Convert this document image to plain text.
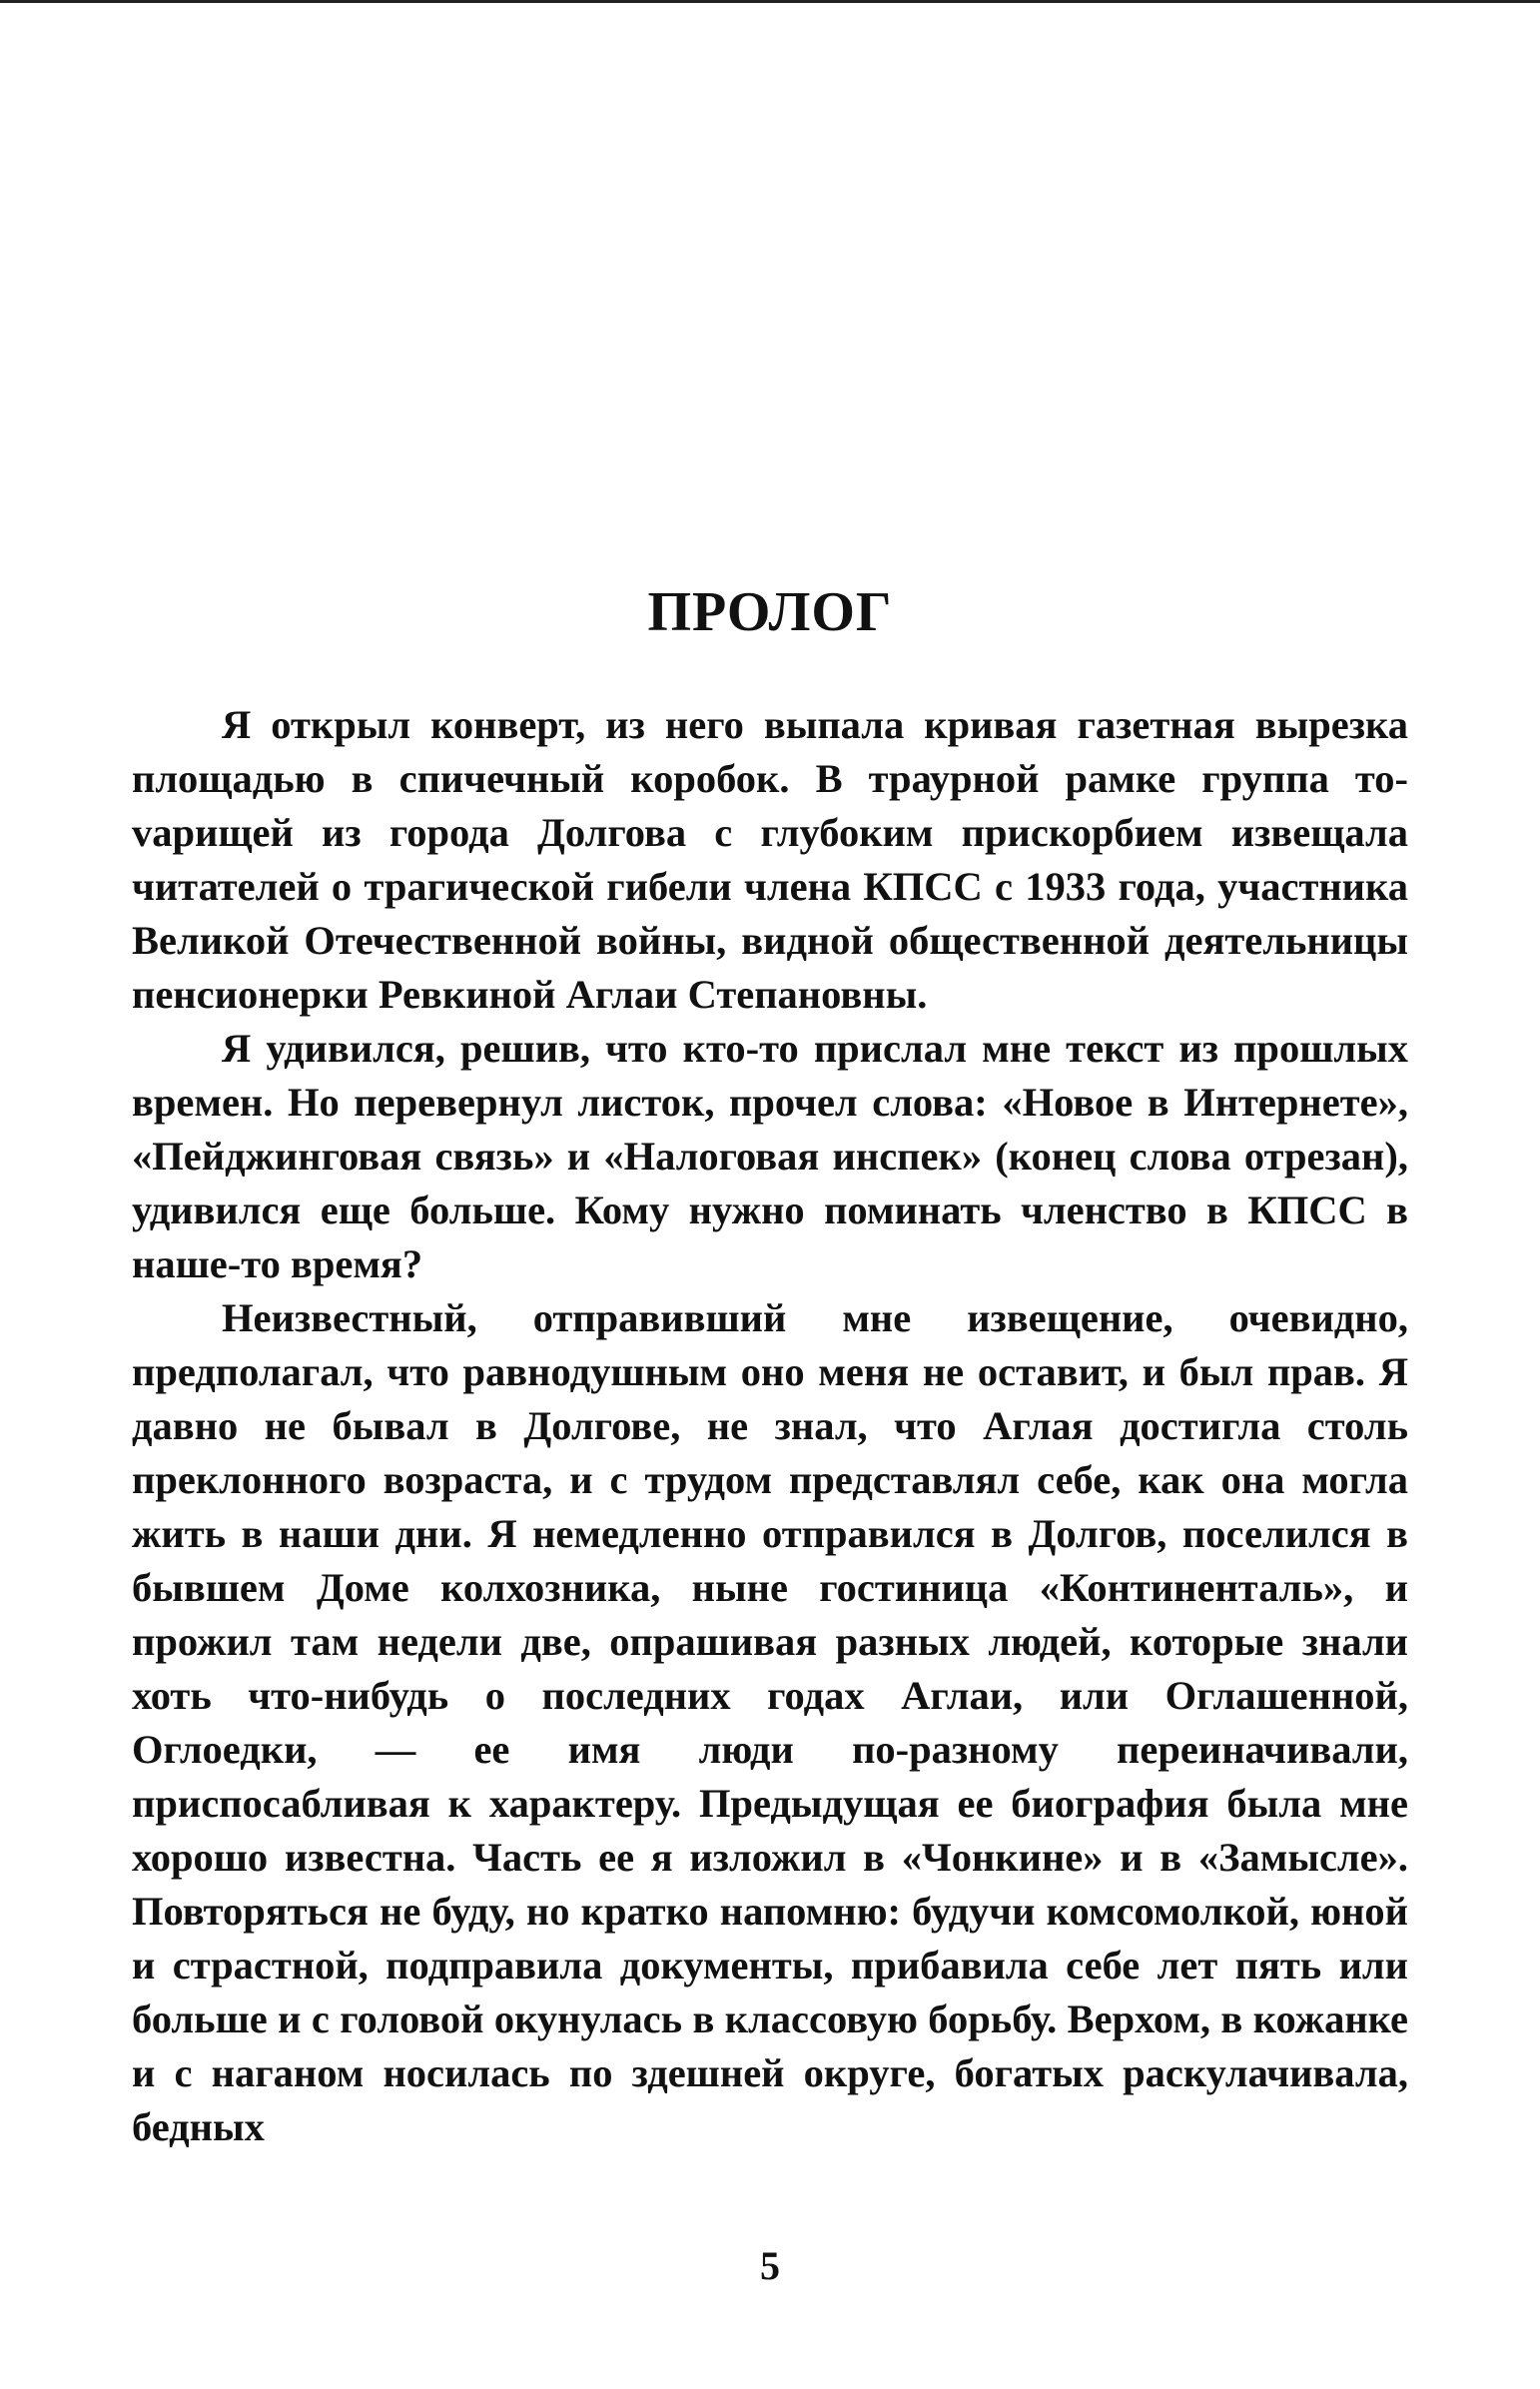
ПРОЛОГ

Я открыл конверт, из него выпала кривая газетная вырезка площадью в спичечный коробок. В траурной рамке группа тоvарищей из города Долгова с глубоким прискорбием извещала читателей о трагической гибели члена КПСС с 1933 года, участника Великой Отечественной войны, видной общественной деятельницы пенсионерки Ревкиной Аглаи Степановны.

Я удивился, решив, что кто-то прислал мне текст из прошлых времен. Но перевернул листок, прочел слова: «Новое в Интернете», «Пейджинговая связь» и «Налоговая инспек» (конец слова отрезан), удивился еще больше. Кому нужно поминать членство в КПСС в наше-то время?

Неизвестный, отправивший мне извещение, очевидно, предполагал, что равнодушным оно меня не оставит, и был прав. Я давно не бывал в Долгове, не знал, что Аглая достигла столь преклонного возраста, и с трудом представлял себе, как она могла жить в наши дни. Я немедленно отправился в Долгов, поселился в бывшем Доме колхозника, ныне гостиница «Континенталь», и прожил там недели две, опрашивая разных людей, которые знали хоть что-нибудь о последних годах Аглаи, или Оглашенной, Оглоедки, — ее имя люди по-разному переиначивали, приспосабливая к характеру. Предыдущая ее биография была мне хорошо известна. Часть ее я изложил в «Чонкине» и в «Замысле». Повторяться не буду, но кратко напомню: будучи комсомолкой, юной и страстной, подправила документы, прибавила себе лет пять или больше и с головой окунулась в классовую борьбу. Верхом, в кожанке и с наганом носилась по здешней округе, богатых раскулачивала, бедных

5
